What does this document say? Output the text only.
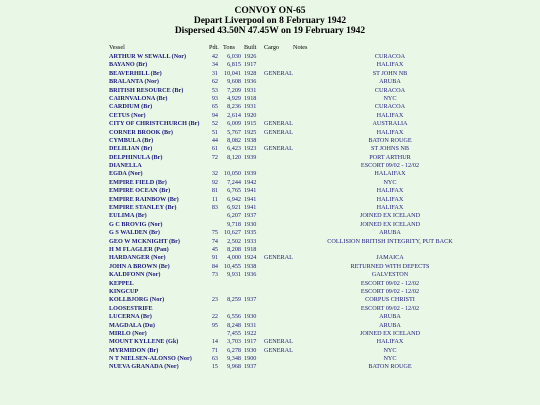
CONVOY ON-65
Depart Liverpool on 8 February 1942
Dispersed 43.50N 47.45W on 19 February 1942
Vessel	Pdt. Tons Built Cargo Notes
ARTHUR W SEWALL (Nor)	42	6,030 1926	CURACOA
BAYANO (Br)	34	6,815 1917	HALIFAX
BEAVERHILL (Br)	31 10,041 1928 GENERAL	ST JOHN NB
BRALANTA (Nor)	62	9,608 1936	ARUBA
BRITISH RESOURCE (Br)	53	7,209 1931	CURACOA
CAIRNVALONA (Br)	93	4,929 1918	NYC
CARDIUM (Br)	65	8,236 1931	CURACOA
CETUS (Nor)	94	2,614 1920	HALIFAX
CITY OF CHRISTCHURCH (Br)	52	6,009 1915 GENERAL	AUSTRALIA
CORNER BROOK (Br)	51	5,767 1925 GENERAL	HALIFAX
CYMBULA (Br)	44	8,082 1938	BATON ROUGE
DELILIAN (Br)	61	6,423 1923 GENERAL	ST JOHNS NB
DELPHINULA (Br)	72	8,120 1939	PORT ARTHUR
DIANELLA	ESCORT 09/02 - 12/02
EGDA (Nor)	32 10,050 1939	HALAIFAX
EMPIRE FIELD (Br)	92	7,244 1942	NYC
EMPIRE OCEAN (Br)	81	6,765 1941	HALIFAX
EMPIRE RAINBOW (Br)	11	6,942 1941	HALIFAX
EMPIRE STANLEY (Br)	83	6,921 1941	HALIFAX
EULIMA (Br)	6,207 1937	JOINED EX ICELAND
G C BROVIG (Nor)	9,718 1930	JOINED EX ICELAND
G S WALDEN (Br)	75 10,627 1935	ARUBA
GEO W MCKNIGHT (Br)	74	2,502 1933	COLLISION BRITISH INTEGRITY, PUT BACK
H M FLAGLER (Pan)	45	8,208 1918
HARDANGER (Nor)	91	4,000 1924 GENERAL	JAMAICA
JOHN A BROWN (Br)	84 10,455 1938	RETURNED WITH DEFECTS
KALDFONN (Nor)	73	9,931 1936	GALVESTON
KEPPEL	ESCORT 09/02 - 12/02
KINGCUP	ESCORT 09/02 - 12/02
KOLLBJORG (Nor)	23	8,259 1937	CORPUS CHRISTI
LOOSESTRIFE	ESCORT 09/02 - 12/02
LUCERNA (Br)	22	6,556 1930	ARUBA
MAGDALA (Du)	95	8,248 1931	ARUBA
MIRLO (Nor)	7,455 1922	JOINED EX ICELAND
MOUNT KYLLENE (Gk)	14	3,703 1917 GENERAL	HALIFAX
MYRMIDON (Br)	71	6,278 1930 GENERAL	NYC
N T NIELSEN-ALONSO (Nor)	63	9,348 1900	NYC
NUEVA GRANADA (Nor)	15	9,968 1937	BATON ROUGE
